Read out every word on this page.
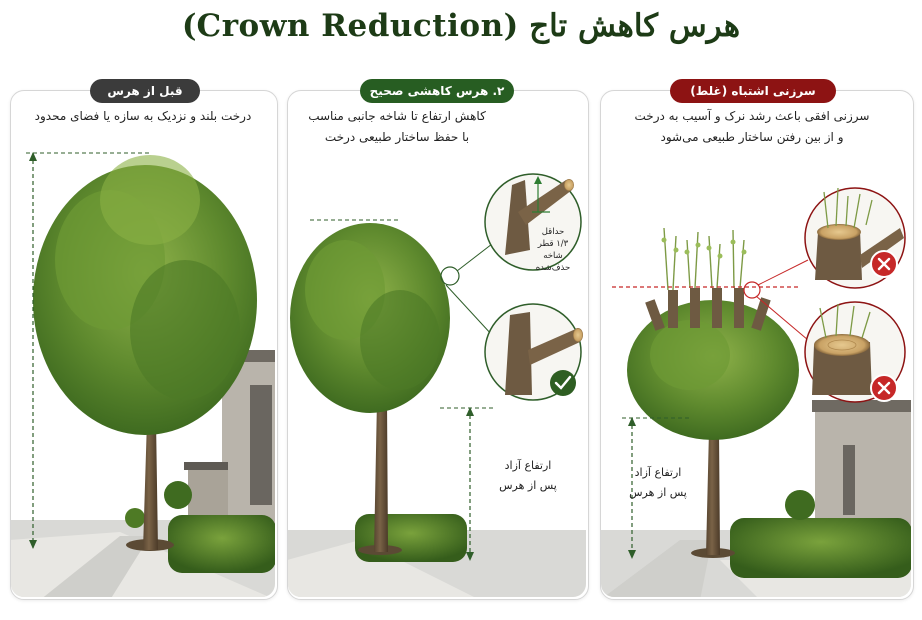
هرس کاهش تاج (Crown Reduction)
قبل از هرس	۲. هرس کاهشی صحیح	سرزنی اشتباه (غلط)
درخت بلند و نزدیک به سازه یا فضای محدود	کاهش ارتفاع تا شاخه جانبی مناسب
با حفظ ساختار طبیعی درخت
سرزنی افقی باعث رشد نرک و آسیب به درخت
و از بین رفتن ساختار طبیعی می‌شود
حداقل
۱/۳ قطر
شاخه حذف‌شده
ارتفاع آزاد
پس از هرس
ارتفاع آزاد
پس از هرس
